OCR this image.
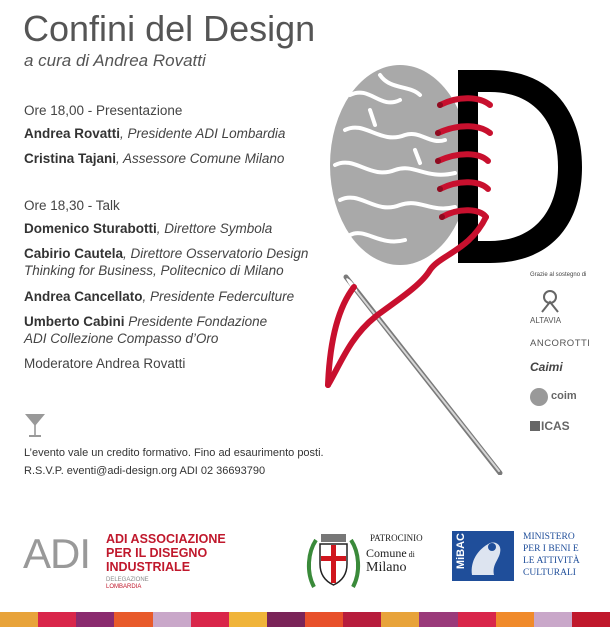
Confini del Design
a cura di Andrea Rovatti
Ore 18,00 - Presentazione
Andrea Rovatti, Presidente ADI Lombardia
Cristina Tajani, Assessore Comune Milano
Ore 18,30 - Talk
Domenico Sturabotti, Direttore Symbola
Cabirio Cautela, Direttore Osservatorio Design
Thinking for Business, Politecnico di Milano
Andrea Cancellato, Presidente Federculture
Umberto Cabini Presidente Fondazione
ADI Collezione Compasso d’Oro
Moderatore Andrea Rovatti
L’evento vale un credito formativo. Fino ad esaurimento posti.
R.S.V.P. eventi@adi-design.org ADI 02 36693790
Grazie al sostegno di
ALTAVIA
ANCOROTTI
Caimi
coim
ICAS
ADI ADI ASSOCIAZIONE
PER IL DISEGNO
INDUSTRIALE
DELEGAZIONE
LOMBARDIA
PATROCINIO
Comune di
Milano	MiBAC	MINISTERO
PER I BENI E
LE ATTIVITÀ
CULTURALI
